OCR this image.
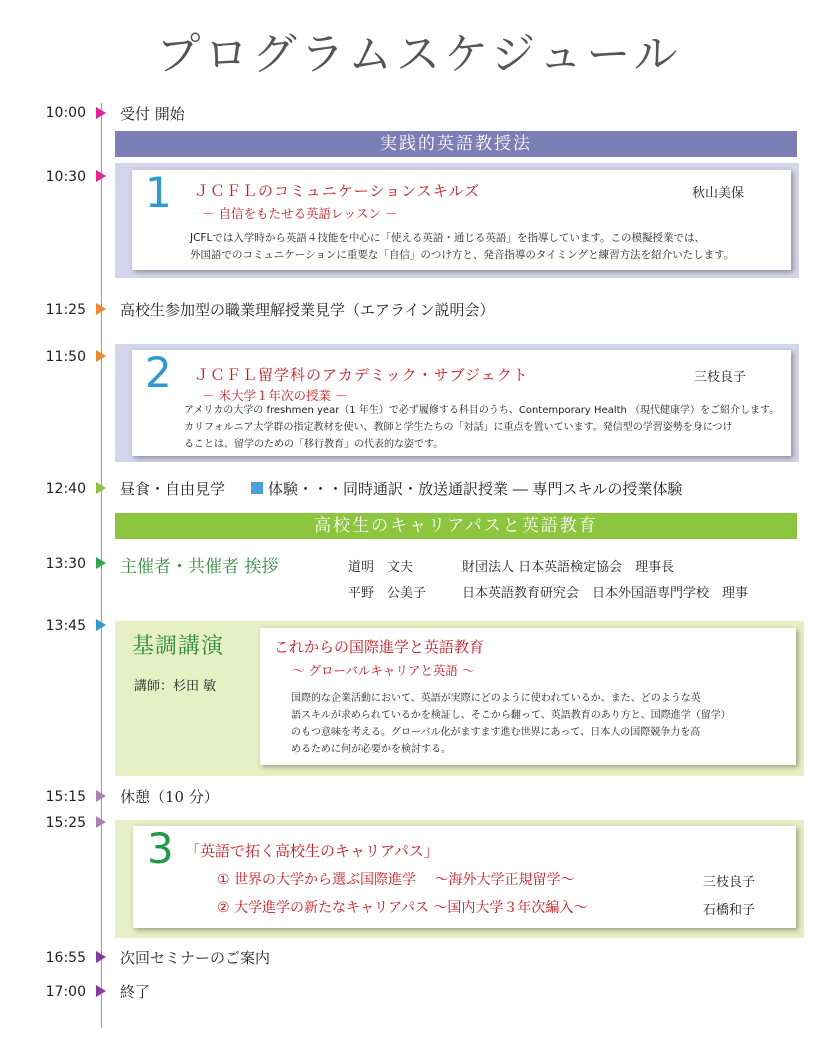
プログラムスケジュール
10:00 受付 開始
実践的英語教授法
10:30 1 ＪＣＦＬのコミュニケーションスキルズ
－ 自信をもたせる英語レッスン －
秋山美保
JCFLでは入学時から英語４技能を中心に「使える英語・通じる英語」を指導しています。この模擬授業では、
外国語でのコミュニケーションに重要な「自信」のつけ方と、発音指導のタイミングと練習方法を紹介いたします。
11:25 高校生参加型の職業理解授業見学（エアライン説明会）
11:50 2 ＪＣＦＬ留学科のアカデミック・サブジェクト
－ 米大学１年次の授業 －
三枝良子
アメリカの大学の freshmen year（1 年生）で必ず履修する科目のうち、Contemporary Health （現代健康学）をご紹介します。
カリフォルニア大学群の指定教材を使い、教師と学生たちの「対話」に重点を置いています。発信型の学習姿勢を身につけ
ることは、留学のための「移行教育」の代表的な姿です。
12:40 昼食・自由見学	体験・・・同時通訳・放送通訳授業 ― 専門スキルの授業体験
高校生のキャリアパスと英語教育
13:30 主催者・共催者 挨拶	道明　文夫	財団法人 日本英語検定協会　理事長
平野　公美子	日本英語教育研究会　日本外国語専門学校　理事
13:45
基調講演
講師：杉田 敏
これからの国際進学と英語教育
～ グローバルキャリアと英語 ～
国際的な企業活動において、英語が実際にどのように使われているか、また、どのような英
語スキルが求められているかを検証し、そこから翻って、英語教育のあり方と、国際進学（留学）
のもつ意味を考える。グローバル化がますます進む世界にあって、日本人の国際競争力を高
めるために何が必要かを検討する。
15:15 休憩（10 分）
15:25
3 「英語で拓く高校生のキャリアパス」
① 世界の大学から選ぶ国際進学　 ～海外大学正規留学～	三枝良子
② 大学進学の新たなキャリアパス ～国内大学３年次編入～	石橋和子
16:55 次回セミナーのご案内
17:00 終了
